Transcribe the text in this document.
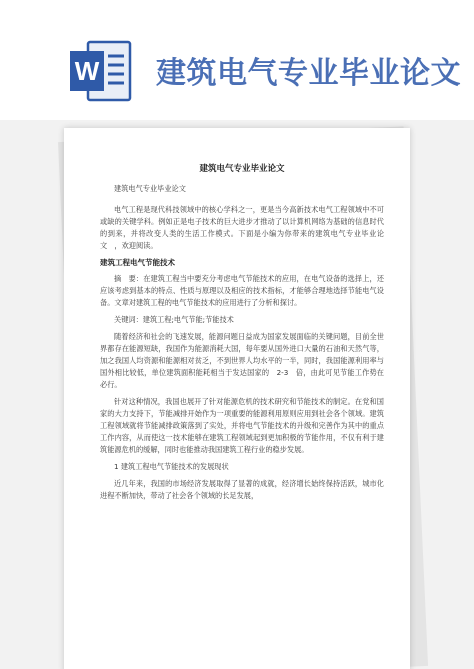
W 建筑电气专业毕业论文
建筑电气专业毕业论文
建筑电气专业毕业论文
电气工程是现代科技领域中的核心学科之一，更是当今高新技术电气工程领域中不可或缺的关键学科。例如正是电子技术的巨大进步才推动了以计算机网络为基础的信息时代的到来，并将改变人类的生活工作模式。下面是小编为你带来的建筑电气专业毕业论文　，欢迎阅读。
建筑工程电气节能技术
摘　要：在建筑工程当中要充分考虑电气节能技术的应用，在电气设备的选择上，还应该考虑到基本的特点、性质与原理以及相应的技术指标，才能够合理地选择节能电气设备。文章对建筑工程的电气节能技术的应用进行了分析和探讨。
关键词：建筑工程;电气节能;节能技术
随着经济和社会的飞速发展，能源问题日益成为国家发展面临的关键问题，目前全世界都存在能源短缺，我国作为能源消耗大国，每年要从国外进口大量的石油和天然气等，加之我国人均资源和能源相对贫乏，不到世界人均水平的一半，同时，我国能源利用率与国外相比较低，单位建筑面积能耗相当于发达国家的　2-3　倍，由此可见节能工作势在必行。
针对这种情况，我国也展开了针对能源危机的技术研究和节能技术的制定。在党和国家的大力支持下，节能减排开始作为一项重要的能源利用原则应用到社会各个领域。建筑工程领域就将节能减排政策落到了实处，并将电气节能技术的升级和完善作为其中的重点工作内容，从而使这一技术能够在建筑工程领域起到更加积极的节能作用，不仅有利于建筑能源危机的缓解，同时也能推动我国建筑工程行业的稳步发展。
1 建筑工程电气节能技术的发展现状
近几年来，我国的市场经济发展取得了显著的成就，经济增长始终保持活跃，城市化进程不断加快，带动了社会各个领域的长足发展，
